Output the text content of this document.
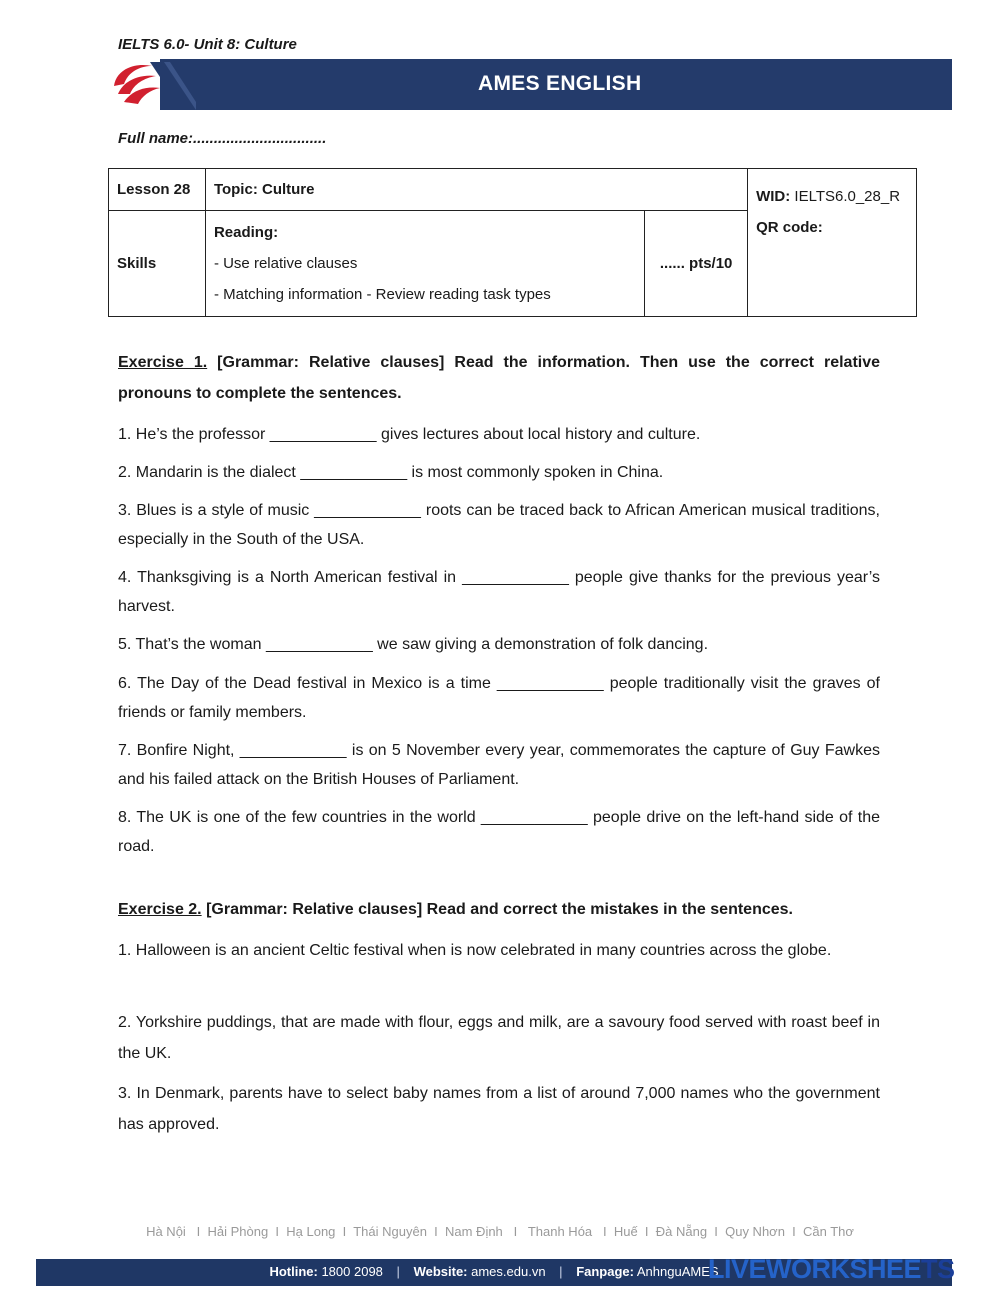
IELTS 6.0- Unit 8: Culture
AMES ENGLISH
Full name:................................
Lesson 28	Topic: Culture		WID: IELTS6.0_28_R
QR code:

Skills	Reading:
- Use relative clauses
- Matching information - Review reading task types	...... pts/10	
Exercise 1. [Grammar: Relative clauses] Read the information. Then use the correct relative pronouns to complete the sentences.
1. He’s the professor ____________ gives lectures about local history and culture.
2. Mandarin is the dialect ____________ is most commonly spoken in China.
3. Blues is a style of music ____________ roots can be traced back to African American musical traditions, especially in the South of the USA.
4. Thanksgiving is a North American festival in ____________ people give thanks for the previous year’s harvest.
5. That’s the woman ____________ we saw giving a demonstration of folk dancing.
6. The Day of the Dead festival in Mexico is a time ____________ people traditionally visit the graves of friends or family members.
7. Bonfire Night, ____________ is on 5 November every year, commemorates the capture of Guy Fawkes and his failed attack on the British Houses of Parliament.
8. The UK is one of the few countries in the world ____________ people drive on the left-hand side of the road.
Exercise 2. [Grammar: Relative clauses] Read and correct the mistakes in the sentences.
1. Halloween is an ancient Celtic festival when is now celebrated in many countries across the globe.
2. Yorkshire puddings, that are made with flour, eggs and milk, are a savoury food served with roast beef in the UK.
3. In Denmark, parents have to select baby names from a list of around 7,000 names who the government has approved.
Hà Nội   I  Hải Phòng  I  Hạ Long  I  Thái Nguyên  I  Nam Định   I   Thanh Hóa   I  Huế  I  Đà Nẵng  I  Quy Nhơn  I  Cần Thơ
Hotline: 1800 2098 | Website: ames.edu.vn | Fanpage: AnhnguAMES
LIVEWORKSHEETS
